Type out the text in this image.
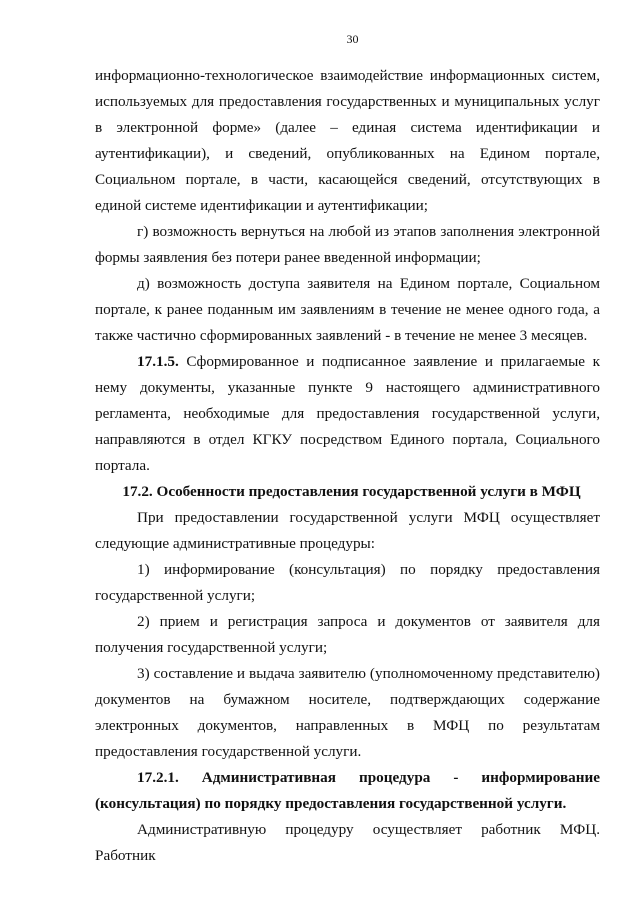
30

информационно-технологическое взаимодействие информационных систем, используемых для предоставления государственных и муниципальных услуг в электронной форме» (далее – единая система идентификации и аутентификации), и сведений, опубликованных на Едином портале, Социальном портале, в части, касающейся сведений, отсутствующих в единой системе идентификации и аутентификации;

г) возможность вернуться на любой из этапов заполнения электронной формы заявления без потери ранее введенной информации;

д) возможность доступа заявителя на Едином портале, Социальном портале, к ранее поданным им заявлениям в течение не менее одного года, а также частично сформированных заявлений - в течение не менее 3 месяцев.

17.1.5. Сформированное и подписанное заявление и прилагаемые к нему документы, указанные пункте 9 настоящего административного регламента, необходимые для предоставления государственной услуги, направляются в отдел КГКУ посредством Единого портала, Социального портала.

17.2. Особенности предоставления государственной услуги в МФЦ

При предоставлении государственной услуги МФЦ осуществляет следующие административные процедуры:

1) информирование (консультация) по порядку предоставления государственной услуги;

2) прием и регистрация запроса и документов от заявителя для получения государственной услуги;

3) составление и выдача заявителю (уполномоченному представителю) документов на бумажном носителе, подтверждающих содержание электронных документов, направленных в МФЦ по результатам предоставления государственной услуги.

17.2.1. Административная процедура - информирование (консультация) по порядку предоставления государственной услуги.

Административную процедуру осуществляет работник МФЦ. Работник
